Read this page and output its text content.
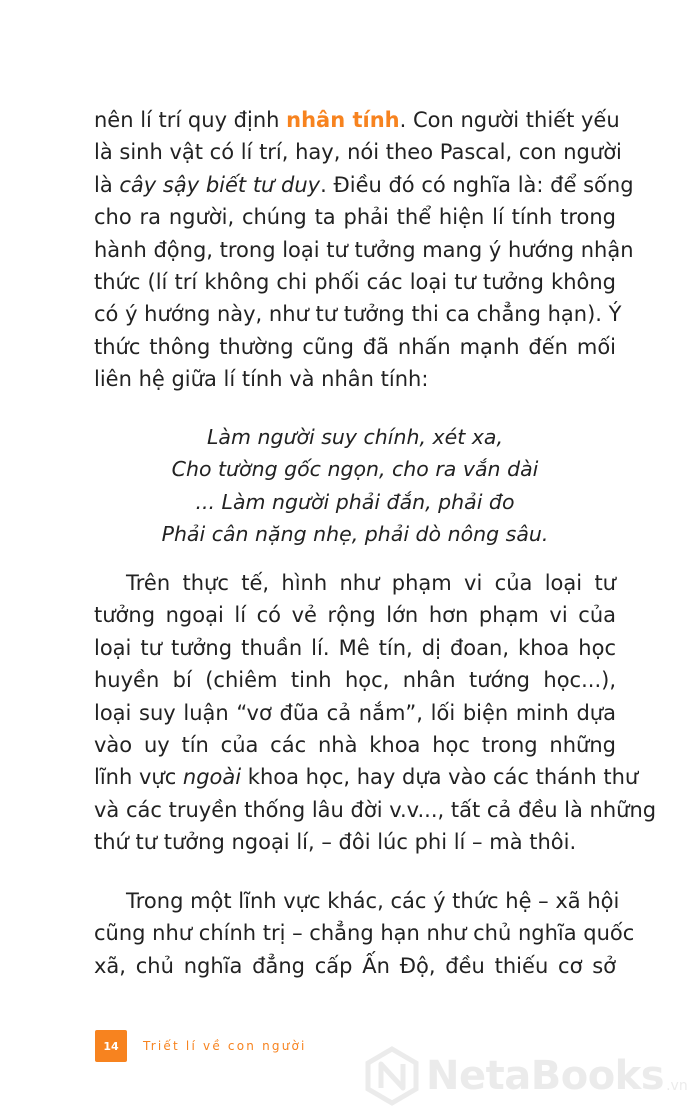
nên lí trí quy định nhân tính. Con người thiết yếu
là sinh vật có lí trí, hay, nói theo Pascal, con người
là cây sậy biết tư duy. Điều đó có nghĩa là: để sống
cho ra người, chúng ta phải thể hiện lí tính trong
hành động, trong loại tư tưởng mang ý hướng nhận
thức (lí trí không chi phối các loại tư tưởng không
có ý hướng này, như tư tưởng thi ca chẳng hạn). Ý
thức thông thường cũng đã nhấn mạnh đến mối
liên hệ giữa lí tính và nhân tính:
Làm người suy chính, xét xa,
Cho tường gốc ngọn, cho ra vắn dài
... Làm người phải đắn, phải đo
Phải cân nặng nhẹ, phải dò nông sâu.
Trên thực tế, hình như phạm vi của loại tư
tưởng ngoại lí có vẻ rộng lớn hơn phạm vi của
loại tư tưởng thuần lí. Mê tín, dị đoan, khoa học
huyền bí (chiêm tinh học, nhân tướng học...),
loại suy luận “vơ đũa cả nắm”, lối biện minh dựa
vào uy tín của các nhà khoa học trong những
lĩnh vực ngoài khoa học, hay dựa vào các thánh thư
và các truyền thống lâu đời v.v..., tất cả đều là những
thứ tư tưởng ngoại lí, – đôi lúc phi lí – mà thôi.
Trong một lĩnh vực khác, các ý thức hệ – xã hội
cũng như chính trị – chẳng hạn như chủ nghĩa quốc
xã, chủ nghĩa đẳng cấp Ấn Độ, đều thiếu cơ sở
14 Triết lí về con người
NetaBooks .vn
